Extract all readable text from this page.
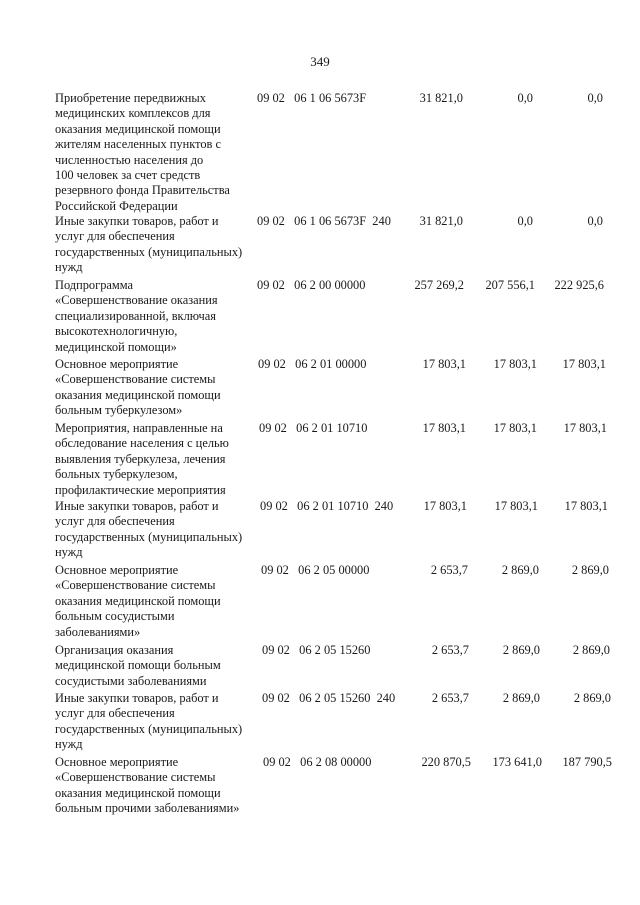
349
Приобретение передвижных
медицинских комплексов для
оказания медицинской помощи
жителям населенных пунктов с
численностью населения до
100 человек за счет средств
резервного фонда Правительства
Российской Федерации
09 02   06 1 06 5673F	31 821,0	0,0	0,0
Иные закупки товаров, работ и
услуг для обеспечения
государственных (муниципальных)
нужд
09 02   06 1 06 5673F  240	31 821,0	0,0	0,0
Подпрограмма
«Совершенствование оказания
специализированной, включая
высокотехнологичную,
медицинской помощи»
09 02   06 2 00 00000	257 269,2	207 556,1	222 925,6
Основное мероприятие
«Совершенствование системы
оказания медицинской помощи
больным туберкулезом»
09 02   06 2 01 00000	17 803,1	17 803,1	17 803,1
Мероприятия, направленные на
обследование населения с целью
выявления туберкулеза, лечения
больных туберкулезом,
профилактические мероприятия
09 02   06 2 01 10710	17 803,1	17 803,1	17 803,1
Иные закупки товаров, работ и
услуг для обеспечения
государственных (муниципальных)
нужд
09 02   06 2 01 10710  240	17 803,1	17 803,1	17 803,1
Основное мероприятие
«Совершенствование системы
оказания медицинской помощи
больным сосудистыми
заболеваниями»
09 02   06 2 05 00000	2 653,7	2 869,0	2 869,0
Организация оказания
медицинской помощи больным
сосудистыми заболеваниями
09 02   06 2 05 15260	2 653,7	2 869,0	2 869,0
Иные закупки товаров, работ и
услуг для обеспечения
государственных (муниципальных)
нужд
09 02   06 2 05 15260  240	2 653,7	2 869,0	2 869,0
Основное мероприятие
«Совершенствование системы
оказания медицинской помощи
больным прочими заболеваниями»
09 02   06 2 08 00000	220 870,5	173 641,0	187 790,5
